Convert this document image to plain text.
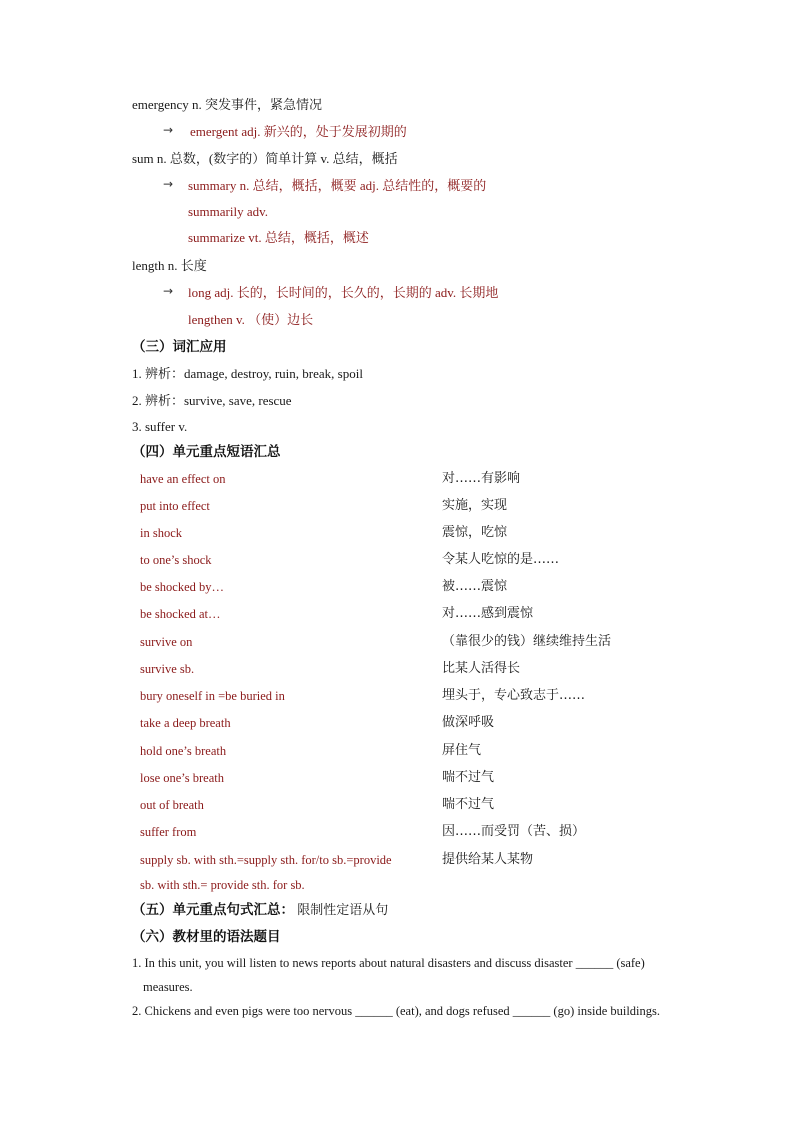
emergency n. 突发事件，紧急情况
→ emergent adj. 新兴的，处于发展初期的
sum n. 总数，(数字的）简单计算 v. 总结，概括
→ summary n. 总结，概括，概要 adj. 总结性的，概要的
summarily adv.
summarize vt. 总结，概括，概述
length n. 长度
→ long adj. 长的，长时间的，长久的，长期的 adv. 长期地
lengthen v. （使）边长
（三）词汇应用
1. 辨析：damage, destroy, ruin, break, spoil
2. 辨析：survive, save, rescue
3. suffer v.
（四）单元重点短语汇总
have an effect on	对……有影响
put into effect	实施，实现
in shock	震惊，吃惊
to one’s shock	令某人吃惊的是……
be shocked by…	被……震惊
be shocked at…	对……感到震惊
survive on	（靠很少的钱）继续维持生活
survive sb.	比某人活得长
bury oneself in =be buried in	埋头于，专心致志于……
take a deep breath	做深呼吸
hold one’s breath	屏住气
lose one’s breath	喘不过气
out of breath	喘不过气
suffer from	因……而受罚（苦、损）
supply sb. with sth.=supply sth. for/to sb.=provide	提供给某人某物
sb. with sth.= provide sth. for sb.
（五）单元重点句式汇总： 限制性定语从句
（六）教材里的语法题目
1. In this unit, you will listen to news reports about natural disasters and discuss disaster ______ (safe)
measures.
2. Chickens and even pigs were too nervous ______ (eat), and dogs refused ______ (go) inside buildings.
